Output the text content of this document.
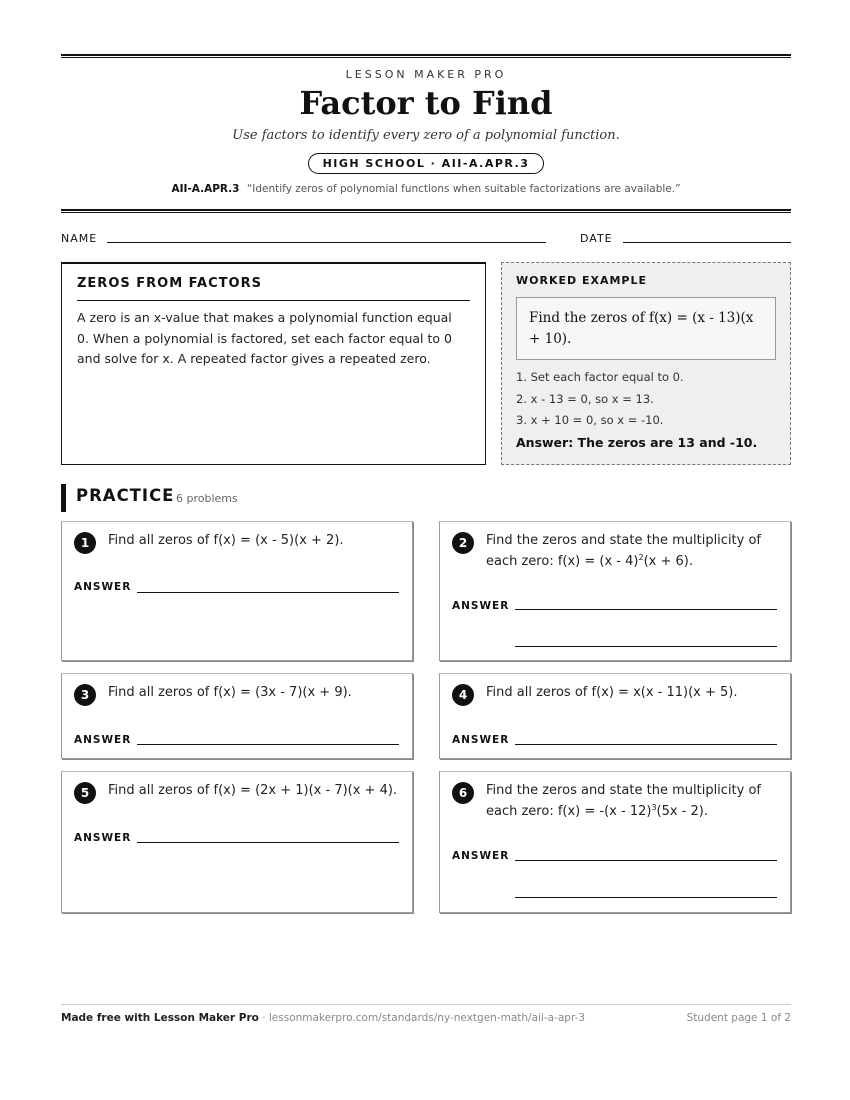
LESSON MAKER PRO
Factor to Find
Use factors to identify every zero of a polynomial function.
HIGH SCHOOL · AII-A.APR.3
AII-A.APR.3 “Identify zeros of polynomial functions when suitable factorizations are available.”
NAME	DATE
ZEROS FROM FACTORS
A zero is an x-value that makes a polynomial function equal 0. When a polynomial is factored, set each factor equal to 0 and solve for x. A repeated factor gives a repeated zero.
WORKED EXAMPLE
Find the zeros of f(x) = (x - 13)(x + 10).
1. Set each factor equal to 0.
2. x - 13 = 0, so x = 13.
3. x + 10 = 0, so x = -10.
Answer: The zeros are 13 and -10.
PRACTICE 6 problems
1	Find all zeros of f(x) = (x - 5)(x + 2).
ANSWER
2	Find the zeros and state the multiplicity of each zero: f(x) = (x - 4)$^2$(x + 6).
ANSWER
3	Find all zeros of f(x) = (3x - 7)(x + 9).
ANSWER
4	Find all zeros of f(x) = x(x - 11)(x + 5).
ANSWER
5	Find all zeros of f(x) = (2x + 1)(x - 7)(x + 4).
ANSWER
6	Find the zeros and state the multiplicity of each zero: f(x) = -(x - 12)$^3$(5x - 2).
ANSWER
Made free with Lesson Maker Pro · lessonmakerpro.com/standards/ny-nextgen-math/aii-a-apr-3	Student page 1 of 2
